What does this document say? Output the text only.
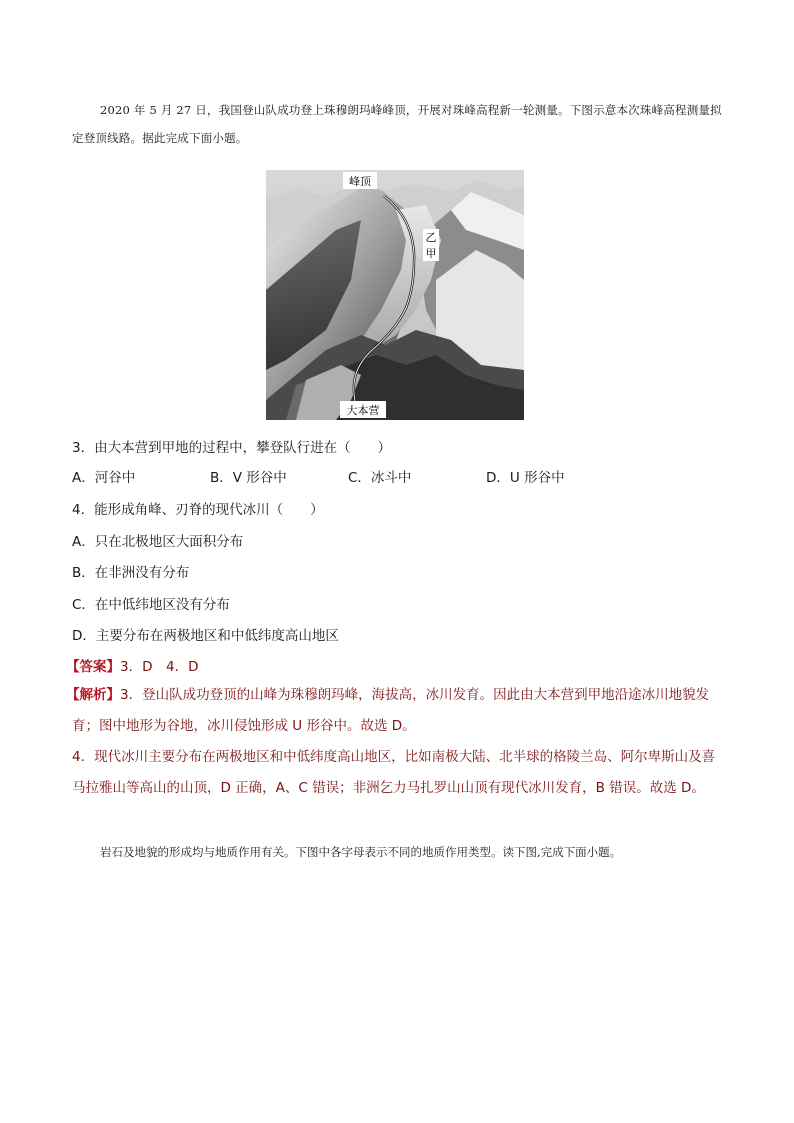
2020 年 5 月 27 日，我国登山队成功登上珠穆朗玛峰峰顶，开展对珠峰高程新一轮测量。下图示意本次珠峰高程测量拟定登顶线路。据此完成下面小题。

峰顶
乙
甲
大本营

3．由大本营到甲地的过程中，攀登队行进在（　　）

A．河谷中	B．V 形谷中	C．冰斗中	D．U 形谷中

4．能形成角峰、刃脊的现代冰川（　　）

A．只在北极地区大面积分布

B．在非洲没有分布

C．在中低纬地区没有分布

D．主要分布在两极地区和中低纬度高山地区

【答案】3．D　4．D

【解析】3．登山队成功登顶的山峰为珠穆朗玛峰，海拔高，冰川发育。因此由大本营到甲地沿途冰川地貌发育；图中地形为谷地，冰川侵蚀形成 U 形谷中。故选 D。

4．现代冰川主要分布在两极地区和中低纬度高山地区，比如南极大陆、北半球的格陵兰岛、阿尔卑斯山及喜马拉雅山等高山的山顶，D 正确，A、C 错误；非洲乞力马扎罗山山顶有现代冰川发育，B 错误。故选 D。

岩石及地貌的形成均与地质作用有关。下图中各字母表示不同的地质作用类型。读下图,完成下面小题。
